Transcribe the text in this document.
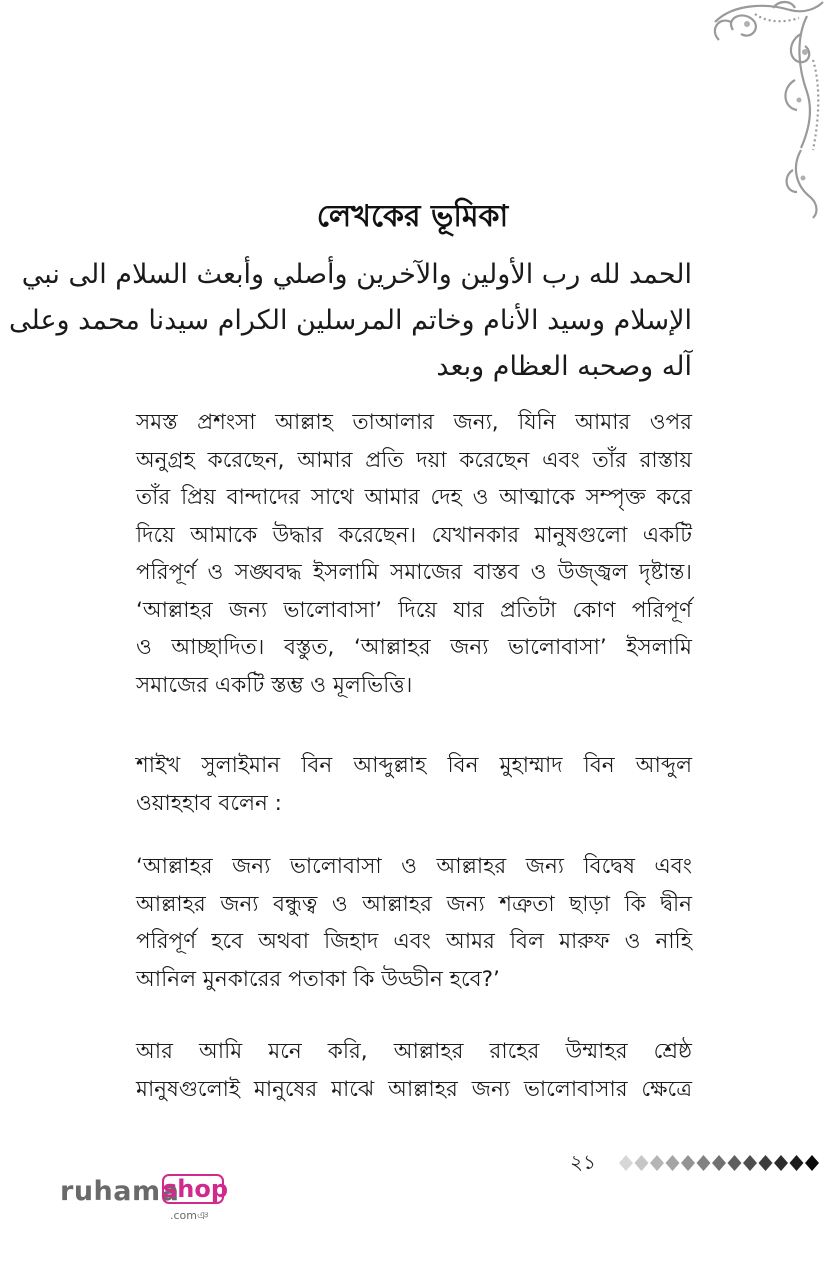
লেখকের ভূমিকা
الحمد لله رب الأولين والآخرين وأصلي وأبعث السلام الى نبي
الإسلام وسيد الأنام وخاتم المرسلين الكرام سيدنا محمد وعلى
آله وصحبه العظام وبعد
সমস্ত প্রশংসা আল্লাহ তাআলার জন্য, যিনি আমার ওপর
অনুগ্রহ করেছেন, আমার প্রতি দয়া করেছেন এবং তাঁর রাস্তায়
তাঁর প্রিয় বান্দাদের সাথে আমার দেহ ও আত্মাকে সম্পৃক্ত করে
দিয়ে আমাকে উদ্ধার করেছেন। যেখানকার মানুষগুলো একটি
পরিপূর্ণ ও সঙ্ঘবদ্ধ ইসলামি সমাজের বাস্তব ও উজ্জ্বল দৃষ্টান্ত।
‘আল্লাহর জন্য ভালোবাসা’ দিয়ে যার প্রতিটা কোণ পরিপূর্ণ
ও আচ্ছাদিত। বস্তুত, ‘আল্লাহর জন্য ভালোবাসা’ ইসলামি
সমাজের একটি স্তম্ভ ও মূলভিত্তি।
শাইখ সুলাইমান বিন আব্দুল্লাহ বিন মুহাম্মাদ বিন আব্দুল
ওয়াহহাব বলেন :
‘আল্লাহর জন্য ভালোবাসা ও আল্লাহর জন্য বিদ্বেষ এবং
আল্লাহর জন্য বন্ধুত্ব ও আল্লাহর জন্য শত্রুতা ছাড়া কি দ্বীন
পরিপূর্ণ হবে অথবা জিহাদ এবং আমর বিল মারুফ ও নাহি
আনিল মুনকারের পতাকা কি উড্ডীন হবে?’
আর আমি মনে করি, আল্লাহর রাহের উম্মাহর শ্রেষ্ঠ
মানুষগুলোই মানুষের মাঝে আল্লাহর জন্য ভালোবাসার ক্ষেত্রে
২১
ruhama
shop
.comঞ
